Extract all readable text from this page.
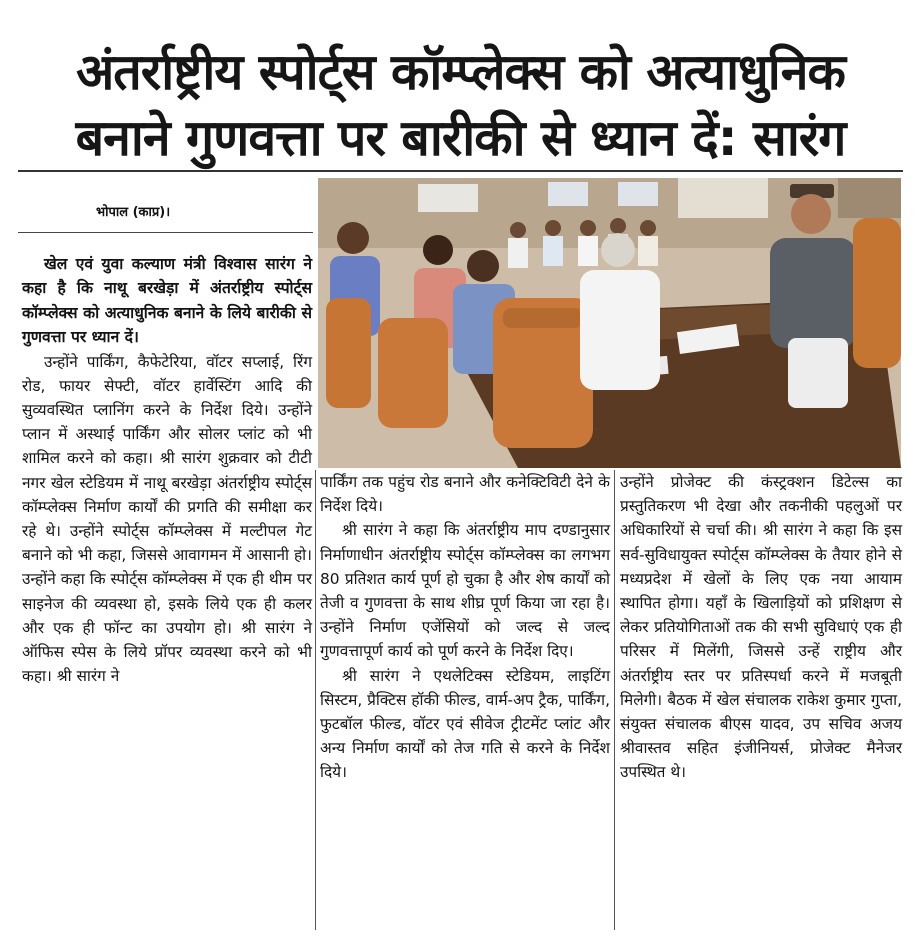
अंतर्राष्ट्रीय स्पोर्ट्स कॉम्प्लेक्स को अत्याधुनिक
बनाने गुणवत्ता पर बारीकी से ध्यान दें: सारंग
भोपाल (काप्र)।

खेल एवं युवा कल्याण मंत्री विश्वास सारंग ने कहा है कि नाथू बरखेड़ा में अंतर्राष्ट्रीय स्पोर्ट्स कॉम्प्लेक्स को अत्याधुनिक बनाने के लिये बारीकी से गुणवत्ता पर ध्यान दें।

उन्होंने पार्किंग, कैफेटेरिया, वॉटर सप्लाई, रिंग रोड, फायर सेफ्टी, वॉटर हार्वेस्टिंग आदि की सुव्यवस्थित प्लानिंग करने के निर्देश दिये। उन्होंने प्लान में अस्थाई पार्किंग और सोलर प्लांट को भी शामिल करने को कहा। श्री सारंग शुक्रवार को टीटी नगर खेल स्टेडियम में नाथू बरखेड़ा अंतर्राष्ट्रीय स्पोर्ट्स कॉम्प्लेक्स निर्माण कार्यों की प्रगति की समीक्षा कर रहे थे। उन्होंने स्पोर्ट्स कॉम्प्लेक्स में मल्टीपल गेट बनाने को भी कहा, जिससे आवागमन में आसानी हो। उन्होंने कहा कि स्पोर्ट्स कॉम्प्लेक्स में एक ही थीम पर साइनेज की व्यवस्था हो, इसके लिये एक ही कलर और एक ही फॉन्ट का उपयोग हो। श्री सारंग ने ऑफिस स्पेस के लिये प्रॉपर व्यवस्था करने को भी कहा। श्री सारंग ने

पार्किंग तक पहुंच रोड बनाने और कनेक्टिविटी देने के निर्देश दिये।

श्री सारंग ने कहा कि अंतर्राष्ट्रीय माप दण्डानुसार निर्माणाधीन अंतर्राष्ट्रीय स्पोर्ट्स कॉम्प्लेक्स का लगभग 80 प्रतिशत कार्य पूर्ण हो चुका है और शेष कार्यों को तेजी व गुणवत्ता के साथ शीघ्र पूर्ण किया जा रहा है। उन्होंने निर्माण एजेंसियों को जल्द से जल्द गुणवत्तापूर्ण कार्य को पूर्ण करने के निर्देश दिए।

श्री सारंग ने एथलेटिक्स स्टेडियम, लाइटिंग सिस्टम, प्रैक्टिस हॉकी फील्ड, वार्म-अप ट्रैक, पार्किंग, फुटबॉल फील्ड, वॉटर एवं सीवेज ट्रीटमेंट प्लांट और अन्य निर्माण कार्यों को तेज गति से करने के निर्देश दिये।

उन्होंने प्रोजेक्ट की कंस्ट्रक्शन डिटेल्स का प्रस्तुतिकरण भी देखा और तकनीकी पहलुओं पर अधिकारियों से चर्चा की। श्री सारंग ने कहा कि इस सर्व-सुविधायुक्त स्पोर्ट्स कॉम्प्लेक्स के तैयार होने से मध्यप्रदेश में खेलों के लिए एक नया आयाम स्थापित होगा। यहाँ के खिलाड़ियों को प्रशिक्षण से लेकर प्रतियोगिताओं तक की सभी सुविधाएं एक ही परिसर में मिलेंगी, जिससे उन्हें राष्ट्रीय और अंतर्राष्ट्रीय स्तर पर प्रतिस्पर्धा करने में मजबूती मिलेगी। बैठक में खेल संचालक राकेश कुमार गुप्ता, संयुक्त संचालक बीएस यादव, उप सचिव अजय श्रीवास्तव सहित इंजीनियर्स, प्रोजेक्ट मैनेजर उपस्थित थे।
